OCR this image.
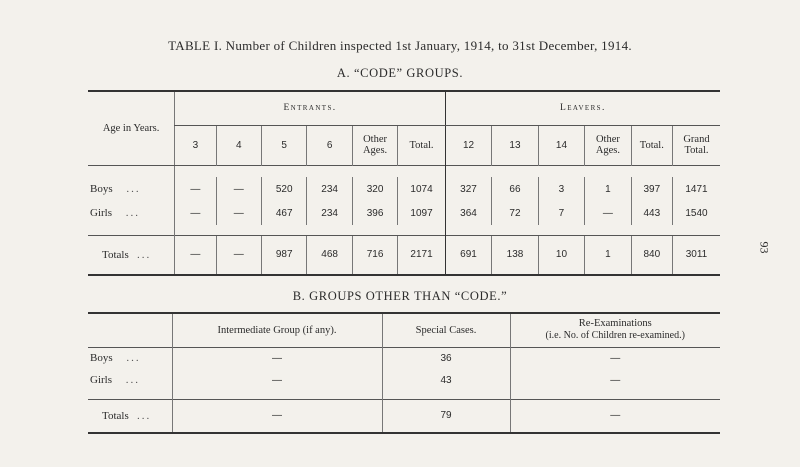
TABLE I. Number of Children inspected 1st January, 1914, to 31st December, 1914.
A. “CODE” GROUPS.
93
Age in Years.	Entrants.						Leavers.					
	3	4	5	6	Other Ages.	Total.	12	13	14	Other Ages.	Total.	Grand Total.

Boys ...	—	—	520	234	320	1074	327	66	3	1	397	1471
Girls ...	—	—	467	234	396	1097	364	72	7	—	443	1540

Totals ...	—	—	987	468	716	2171	691	138	10	1	840	3011
B. GROUPS OTHER THAN “CODE.”
	Intermediate Group (if any).	Special Cases.	Re-Examinations
(i.e. No. of Children re-examined.)
Boys ...	—	36	—
Girls ...	—	43	—

Totals ...	—	79	—
